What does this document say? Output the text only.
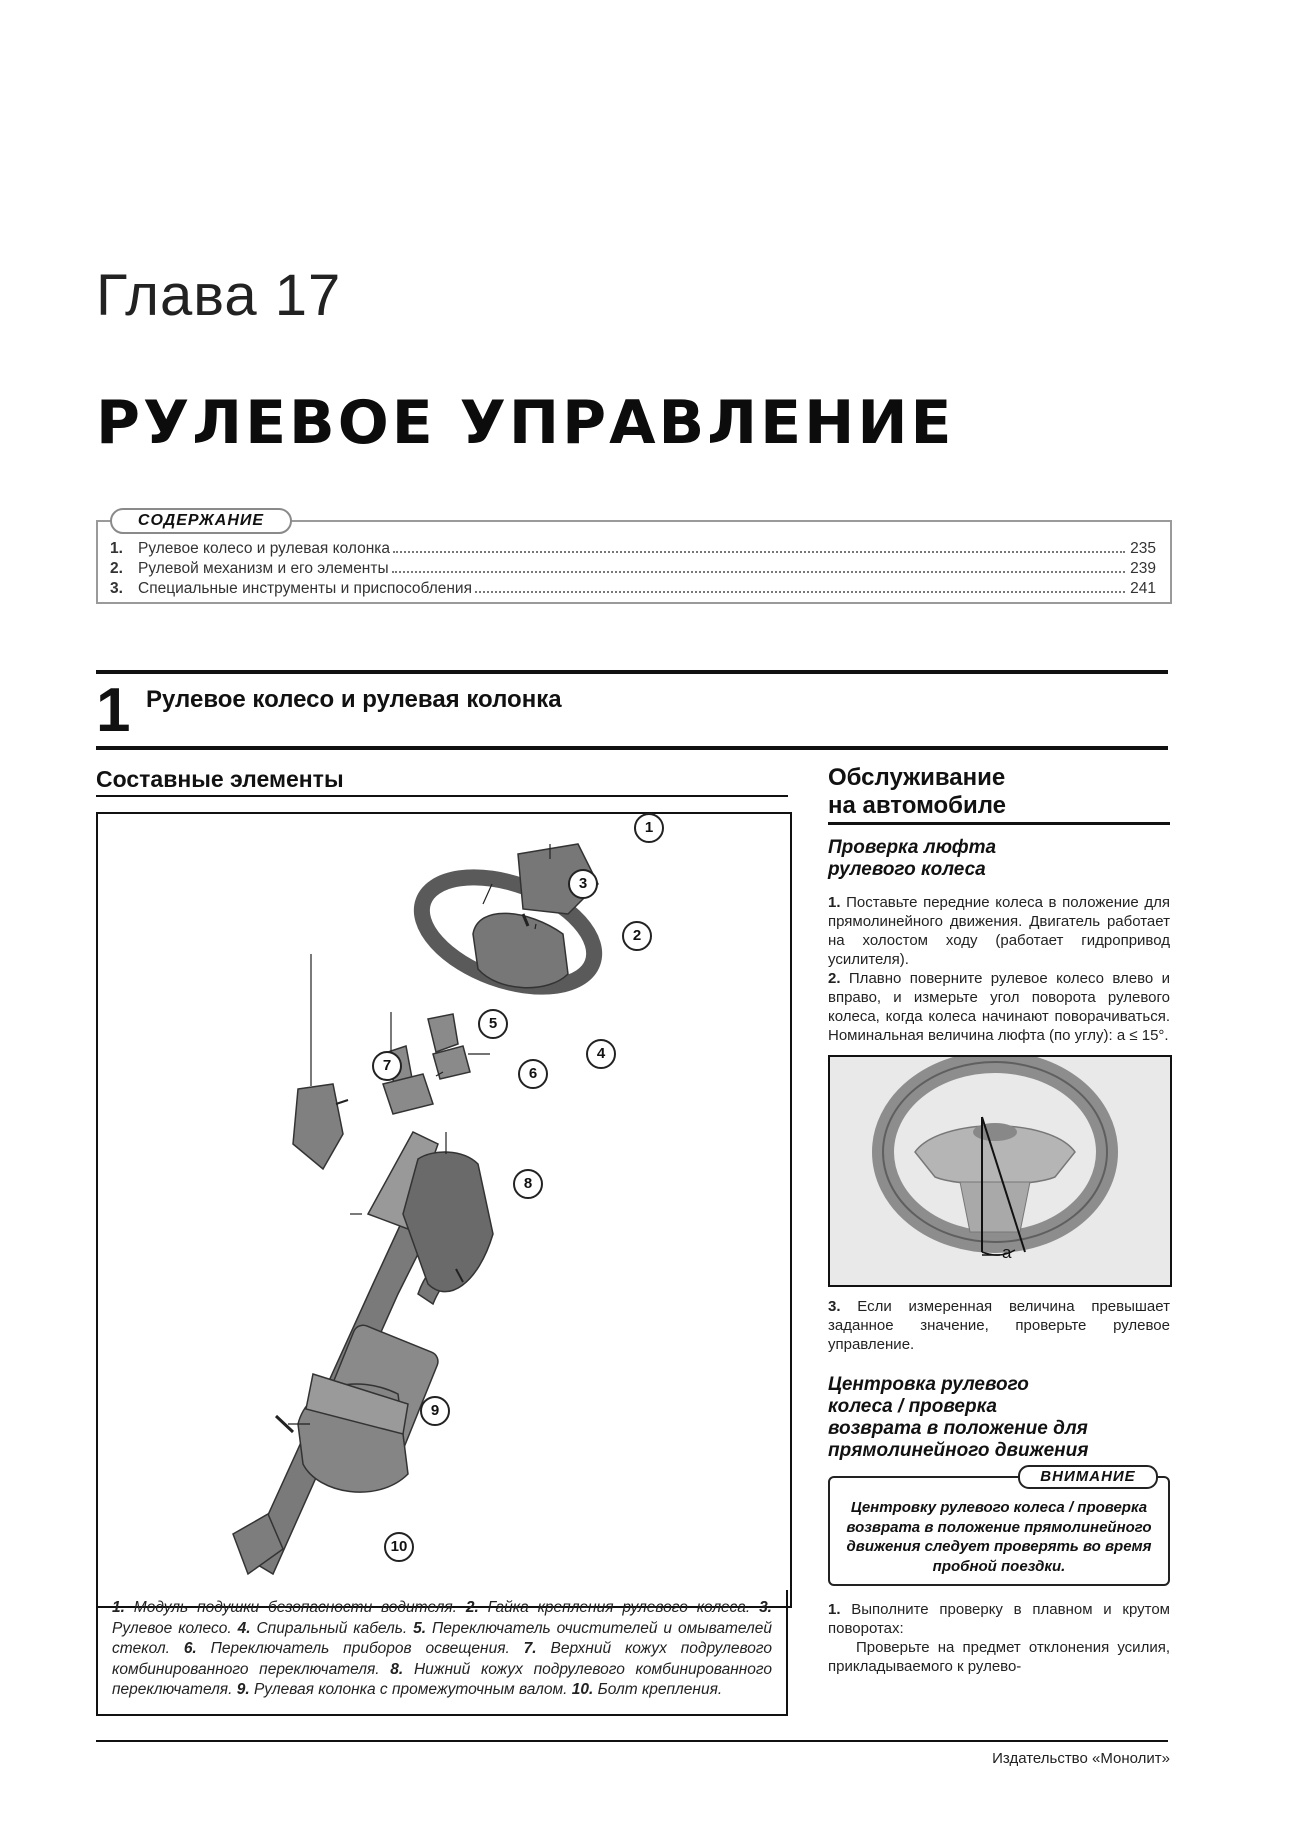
Глава 17
РУЛЕВОЕ УПРАВЛЕНИЕ
СОДЕРЖАНИЕ
1. Рулевое колесо и рулевая колонка	235
2. Рулевой механизм и его элементы	239
3. Специальные инструменты и приспособления	241
1 Рулевое колесо и рулевая колонка
Составные элементы
1
2
3
4
5
6
7
8
9
10
1. Модуль подушки безопасности водителя. 2. Гайка крепления рулевого колеса. 3. Рулевое колесо. 4. Спиральный кабель. 5. Переключатель очистителей и омывателей стекол. 6. Переключатель приборов освещения. 7. Верхний кожух подрулевого комбинированного переключателя. 8. Нижний кожух подрулевого комбинированного переключателя. 9. Рулевая колонка с промежуточным валом. 10. Болт крепления.
Обслуживание
на автомобиле
Проверка люфта
рулевого колеса

1. Поставьте передние колеса в положение для прямолинейного движения. Двигатель работает на холостом ходу (работает гидропривод усилителя).

2. Плавно поверните рулевое колесо влево и вправо, и измерьте угол поворота рулевого колеса, когда колеса начинают поворачиваться. Номинальная величина люфта (по углу): a ≤ 15°.

a

3. Если измеренная величина превышает заданное значение, проверьте рулевое управление.

Центровка рулевого
колеса / проверка
возврата в положение для
прямолинейного движения
ВНИМАНИЕ
Центровку рулевого колеса / проверка возврата в положение прямолинейного движения следует проверять во время пробной поездки.

1. Выполните проверку в плавном и крутом поворотах:

Проверьте на предмет отклонения усилия, прикладываемого к рулево-

Издательство «Монолит»
